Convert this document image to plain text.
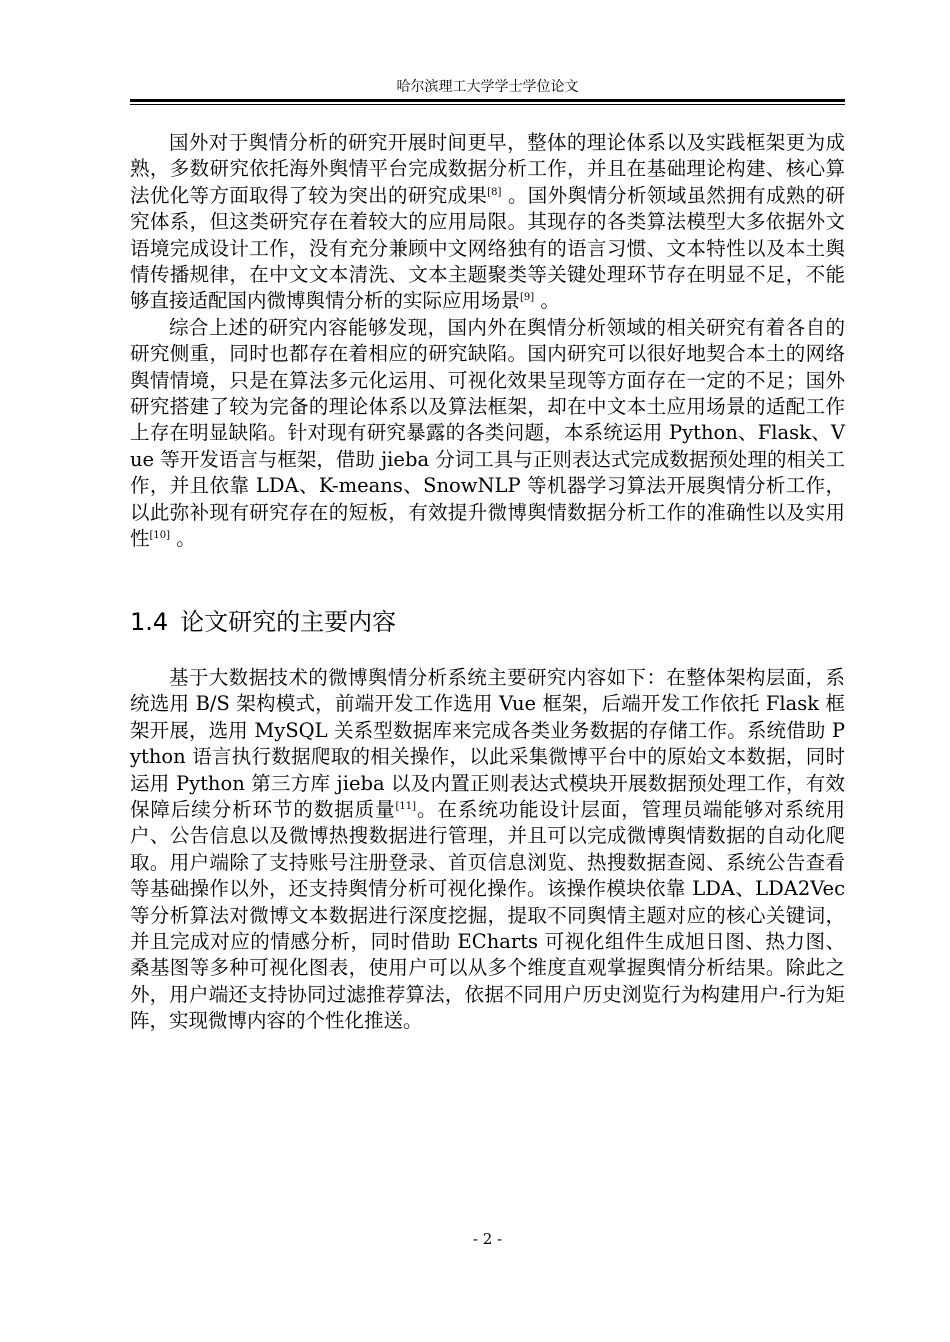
哈尔滨理工大学学士学位论文

国外对于舆情分析的研究开展时间更早，整体的理论体系以及实践框架更为成熟，多数研究依托海外舆情平台完成数据分析工作，并且在基础理论构建、核心算法优化等方面取得了较为突出的研究成果[8] 。国外舆情分析领域虽然拥有成熟的研究体系，但这类研究存在着较大的应用局限。其现存的各类算法模型大多依据外文语境完成设计工作，没有充分兼顾中文网络独有的语言习惯、文本特性以及本土舆情传播规律，在中文文本清洗、文本主题聚类等关键处理环节存在明显不足，不能够直接适配国内微博舆情分析的实际应用场景[9] 。

综合上述的研究内容能够发现，国内外在舆情分析领域的相关研究有着各自的研究侧重，同时也都存在着相应的研究缺陷。国内研究可以很好地契合本土的网络舆情情境，只是在算法多元化运用、可视化效果呈现等方面存在一定的不足；国外研究搭建了较为完备的理论体系以及算法框架，却在中文本土应用场景的适配工作上存在明显缺陷。针对现有研究暴露的各类问题，本系统运用 Python、Flask、Vue 等开发语言与框架，借助 jieba 分词工具与正则表达式完成数据预处理的相关工作，并且依靠 LDA、K-means、SnowNLP 等机器学习算法开展舆情分析工作，以此弥补现有研究存在的短板，有效提升微博舆情数据分析工作的准确性以及实用性[10] 。

1.4 论文研究的主要内容

基于大数据技术的微博舆情分析系统主要研究内容如下：在整体架构层面，系统选用 B/S 架构模式，前端开发工作选用 Vue 框架，后端开发工作依托 Flask 框架开展，选用 MySQL 关系型数据库来完成各类业务数据的存储工作。系统借助 Python 语言执行数据爬取的相关操作，以此采集微博平台中的原始文本数据，同时运用 Python 第三方库 jieba 以及内置正则表达式模块开展数据预处理工作，有效保障后续分析环节的数据质量[11]。在系统功能设计层面，管理员端能够对系统用户、公告信息以及微博热搜数据进行管理，并且可以完成微博舆情数据的自动化爬取。用户端除了支持账号注册登录、首页信息浏览、热搜数据查阅、系统公告查看等基础操作以外，还支持舆情分析可视化操作。该操作模块依靠 LDA、LDA2Vec 等分析算法对微博文本数据进行深度挖掘，提取不同舆情主题对应的核心关键词，并且完成对应的情感分析，同时借助 ECharts 可视化组件生成旭日图、热力图、桑基图等多种可视化图表，使用户可以从多个维度直观掌握舆情分析结果。除此之外，用户端还支持协同过滤推荐算法，依据不同用户历史浏览行为构建用户-行为矩阵，实现微博内容的个性化推送。

- 2 -
